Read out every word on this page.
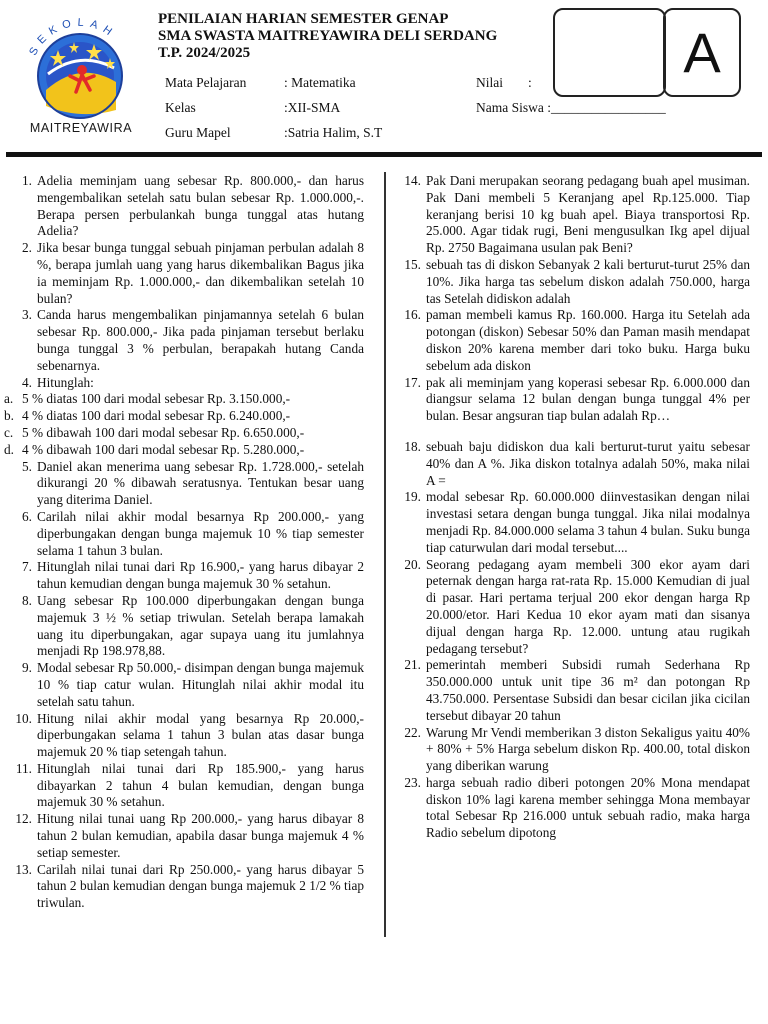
SEKOLAH
MAITREYAWIRA
PENILAIAN HARIAN SEMESTER GENAP
SMA SWASTA MAITREYAWIRA DELI SERDANG
T.P. 2024/2025
Mata Pelajaran	: Matematika
Kelas	:XII-SMA
Guru Mapel	:Satria Halim, S.T
Nilai :
Nama Siswa :_________________
A
1. Adelia meminjam uang sebesar Rp. 800.000,- dan harus mengembalikan setelah satu bulan sebesar Rp. 1.000.000,-. Berapa persen perbulankah bunga tunggal atas hutang Adelia?
2. Jika besar bunga tunggal sebuah pinjaman perbulan adalah 8 %, berapa jumlah uang yang harus dikembalikan Bagus jika ia meminjam Rp. 1.000.000,- dan dikembalikan setelah 10 bulan?
3. Canda harus mengembalikan pinjamannya setelah 6 bulan sebesar Rp. 800.000,- Jika pada pinjaman tersebut berlaku bunga tunggal 3 % perbulan, berapakah hutang Canda sebenarnya.
4. Hitunglah:
a. 5 % diatas 100 dari modal sebesar Rp. 3.150.000,-
b. 4 % diatas 100 dari modal sebesar Rp. 6.240.000,-
c. 5 % dibawah 100 dari modal sebesar Rp. 6.650.000,-
d. 4 % dibawah 100 dari modal sebesar Rp. 5.280.000,-
5. Daniel akan menerima uang sebesar Rp. 1.728.000,- setelah dikurangi 20 % dibawah seratusnya. Tentukan besar uang yang diterima Daniel.
6. Carilah nilai akhir modal besarnya Rp 200.000,- yang diperbungakan dengan bunga majemuk 10 % tiap semester selama 1 tahun 3 bulan.
7. Hitunglah nilai tunai dari Rp 16.900,- yang harus dibayar 2 tahun kemudian dengan bunga majemuk 30 % setahun.
8. Uang sebesar Rp 100.000 diperbungakan dengan bunga majemuk 3 ½ % setiap triwulan. Setelah berapa lamakah uang itu diperbungakan, agar supaya uang itu jumlahnya menjadi Rp 198.978,88.
9. Modal sebesar Rp 50.000,- disimpan dengan bunga majemuk 10 % tiap catur wulan. Hitunglah nilai akhir modal itu setelah satu tahun.
10. Hitung nilai akhir modal yang besarnya Rp 20.000,- diperbungakan selama 1 tahun 3 bulan atas dasar bunga majemuk 20 % tiap setengah tahun.
11. Hitunglah nilai tunai dari Rp 185.900,- yang harus dibayarkan 2 tahun 4 bulan kemudian, dengan bunga majemuk 30 % setahun.
12. Hitung nilai tunai uang Rp 200.000,- yang harus dibayar 8 tahun 2 bulan kemudian, apabila dasar bunga majemuk 4 % setiap semester.
13. Carilah nilai tunai dari Rp 250.000,- yang harus dibayar 5 tahun 2 bulan kemudian dengan bunga majemuk 2 1/2 % tiap triwulan.
14. Pak Dani merupakan seorang pedagang buah apel musiman. Pak Dani membeli 5 Keranjang apel Rp.125.000. Tiap keranjang berisi 10 kg buah apel. Biaya transportosi Rp. 25.000. Agar tidak rugi, Beni mengusulkan Ikg apel dijual Rp. 2750 Bagaimana usulan pak Beni?
15. sebuah tas di diskon Sebanyak 2 kali berturut-turut 25% dan 10%. Jika harga tas sebelum diskon adalah 750.000, harga tas Setelah didiskon adalah
16. paman membeli kamus Rp. 160.000. Harga itu Setelah ada potongan (diskon) Sebesar 50% dan Paman masih mendapat diskon 20% karena member dari toko buku. Harga buku sebelum ada diskon
17. pak ali meminjam yang koperasi sebesar Rp. 6.000.000 dan diangsur selama 12 bulan dengan bunga tunggal 4% per bulan. Besar angsuran tiap bulan adalah Rp…
18. sebuah baju didiskon dua kali berturut-turut yaitu sebesar 40% dan A %. Jika diskon totalnya adalah 50%, maka nilai A =
19. modal sebesar Rp. 60.000.000 diinvestasikan dengan nilai investasi setara dengan bunga tunggal. Jika nilai modalnya menjadi Rp. 84.000.000 selama 3 tahun 4 bulan. Suku bunga tiap caturwulan dari modal tersebut....
20. Seorang pedagang ayam membeli 300 ekor ayam dari peternak dengan harga rat-rata Rp. 15.000 Kemudian di jual di pasar. Hari pertama terjual 200 ekor dengan harga Rp 20.000/etor. Hari Kedua 10 ekor ayam mati dan sisanya dijual dengan harga Rp. 12.000. untung atau rugikah pedagang tersebut?
21. pemerintah memberi Subsidi rumah Sederhana Rp 350.000.000 untuk unit tipe 36 m² dan potongan Rp 43.750.000. Persentase Subsidi dan besar cicilan jika cicilan tersebut dibayar 20 tahun
22. Warung Mr Vendi memberikan 3 diston Sekaligus yaitu 40% + 80% + 5% Harga sebelum diskon Rp. 400.00, total diskon yang diberikan warung
23. harga sebuah radio diberi potongen 20% Mona mendapat diskon 10% lagi karena member sehingga Mona membayar total Sebesar Rp 216.000 untuk sebuah radio, maka harga Radio sebelum dipotong
